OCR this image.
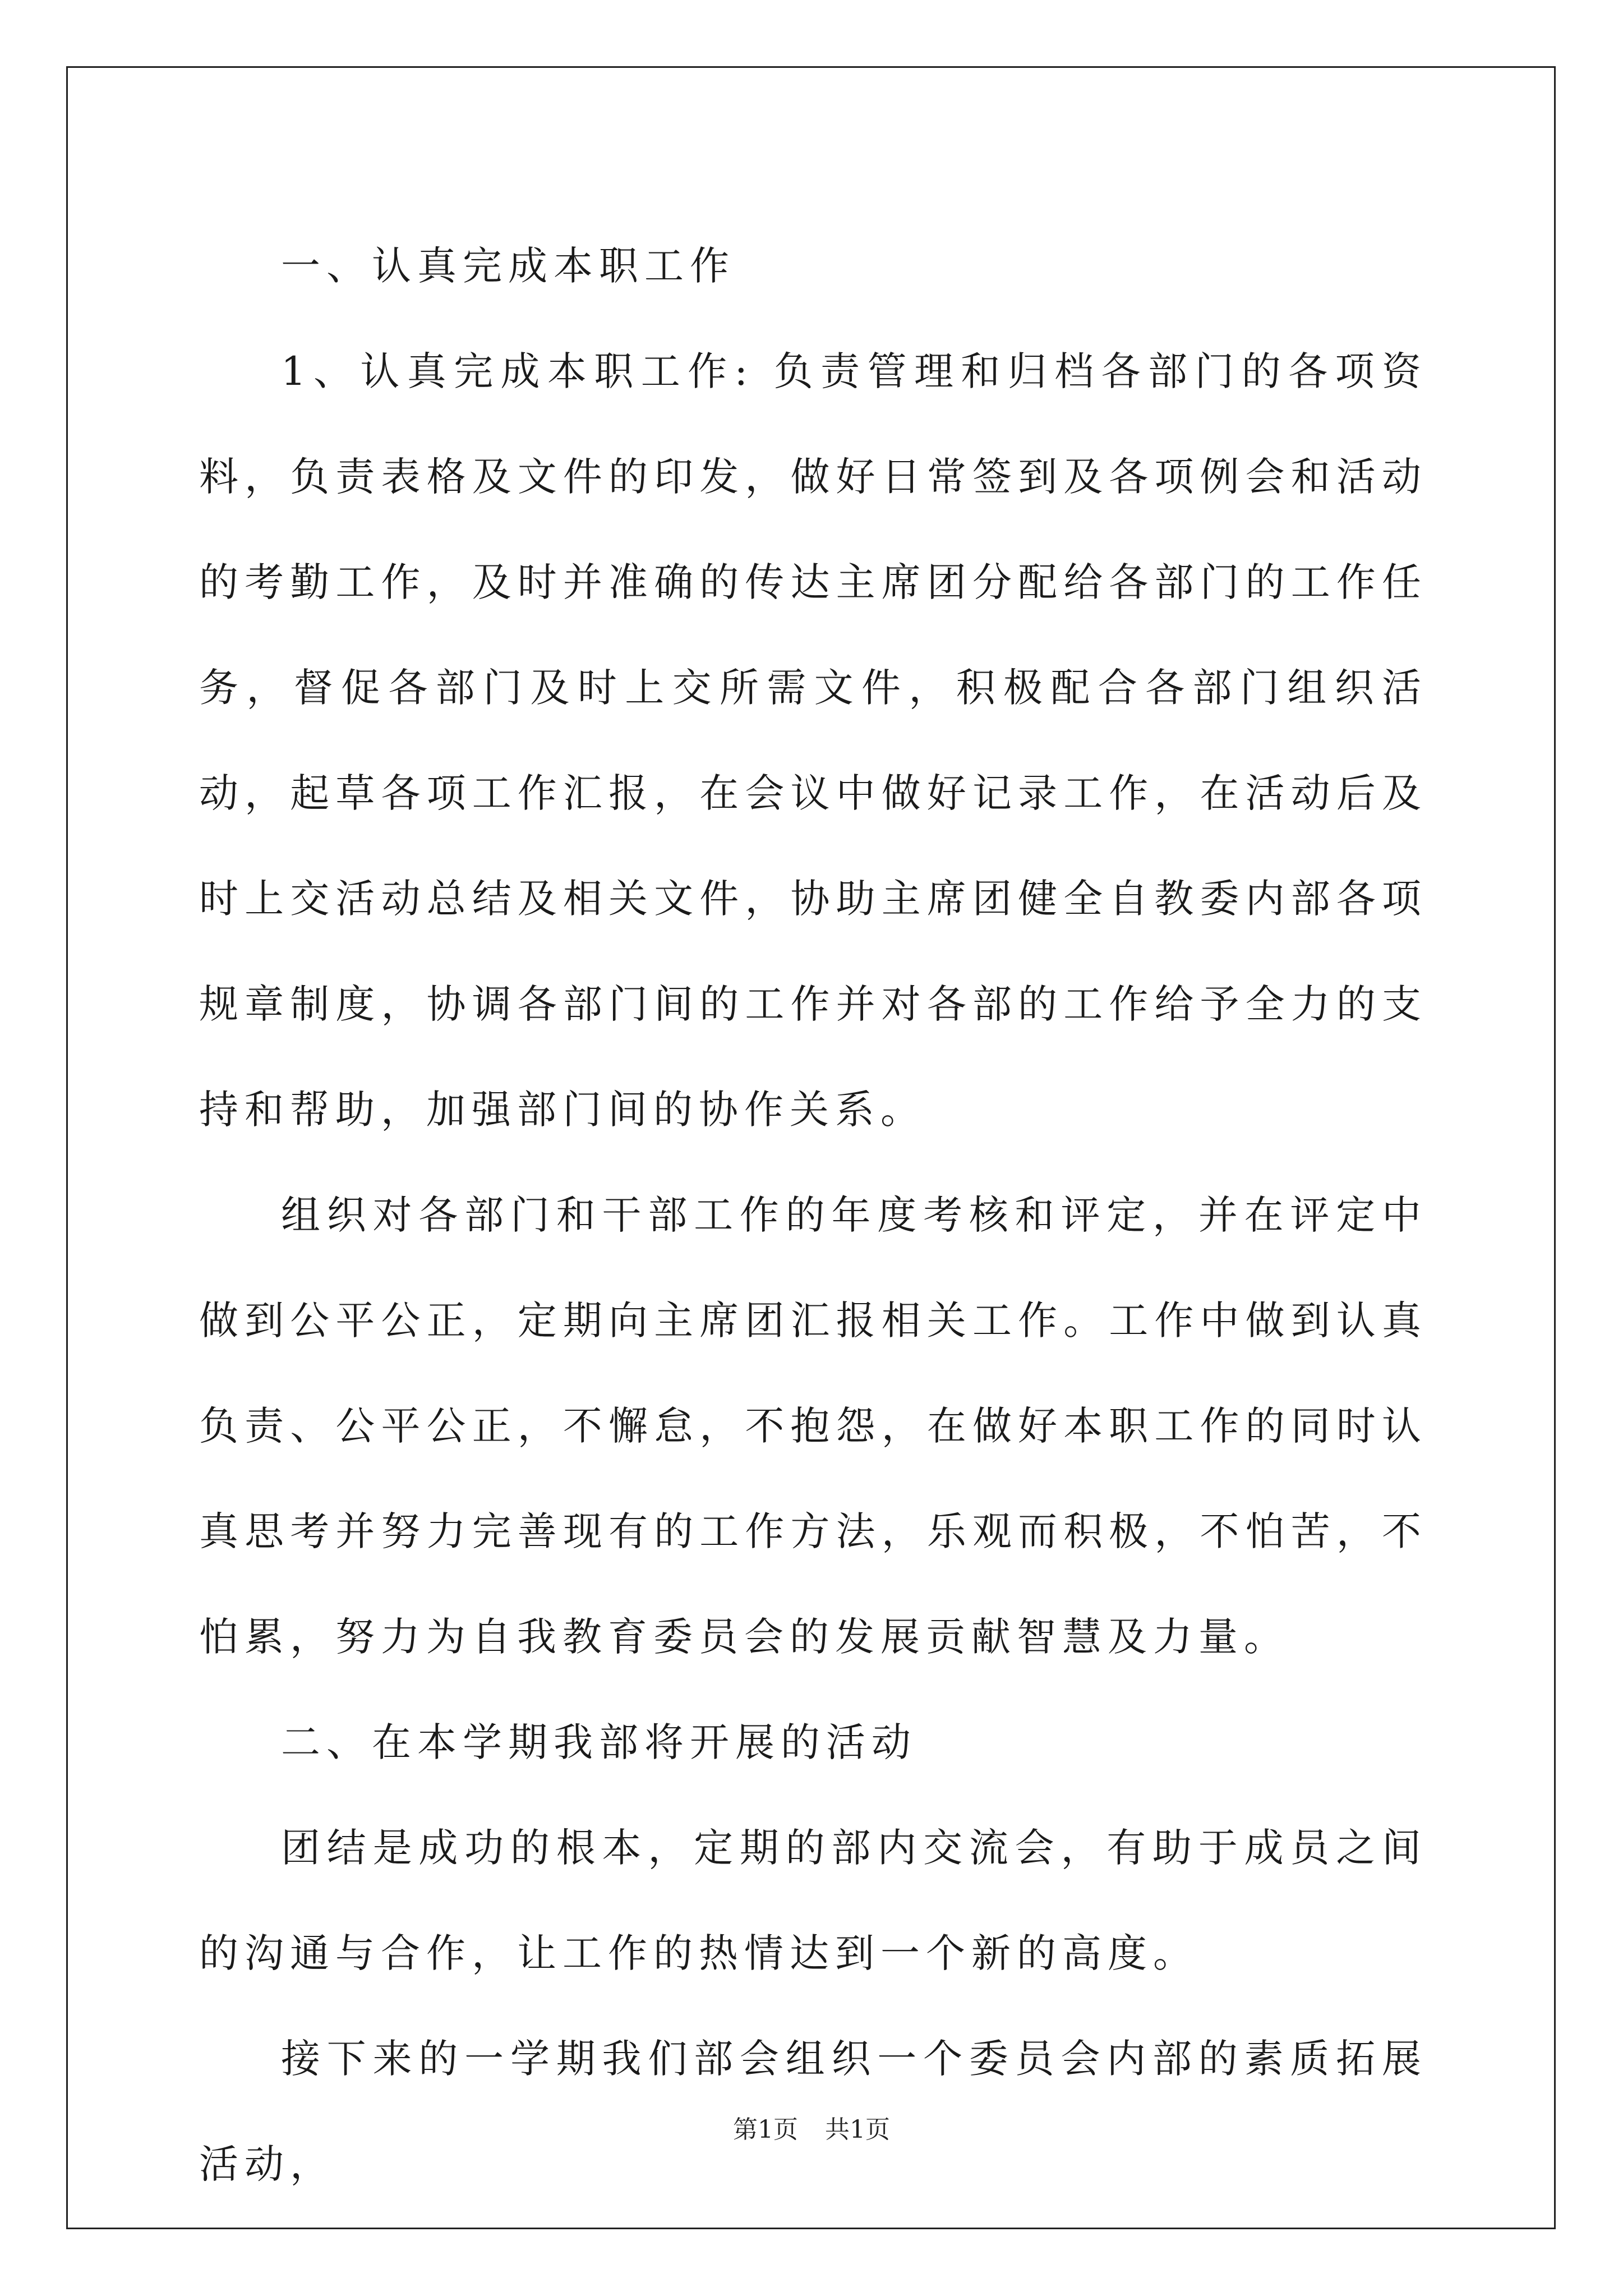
一、认真完成本职工作

1、认真完成本职工作: 负责管理和归档各部门的各项资料，负责表格及文件的印发，做好日常签到及各项例会和活动的考勤工作，及时并准确的传达主席团分配给各部门的工作任务，督促各部门及时上交所需文件，积极配合各部门组织活动，起草各项工作汇报，在会议中做好记录工作，在活动后及时上交活动总结及相关文件，协助主席团健全自教委内部各项规章制度，协调各部门间的工作并对各部的工作给予全力的支持和帮助，加强部门间的协作关系。

组织对各部门和干部工作的年度考核和评定，并在评定中做到公平公正，定期向主席团汇报相关工作。工作中做到认真负责、公平公正，不懈怠，不抱怨，在做好本职工作的同时认真思考并努力完善现有的工作方法，乐观而积极，不怕苦，不怕累，努力为自我教育委员会的发展贡献智慧及力量。

二、在本学期我部将开展的活动

团结是成功的根本，定期的部内交流会，有助于成员之间的沟通与合作，让工作的热情达到一个新的高度。

接下来的一学期我们部会组织一个委员会内部的素质拓展活动，

第1页 共1页
